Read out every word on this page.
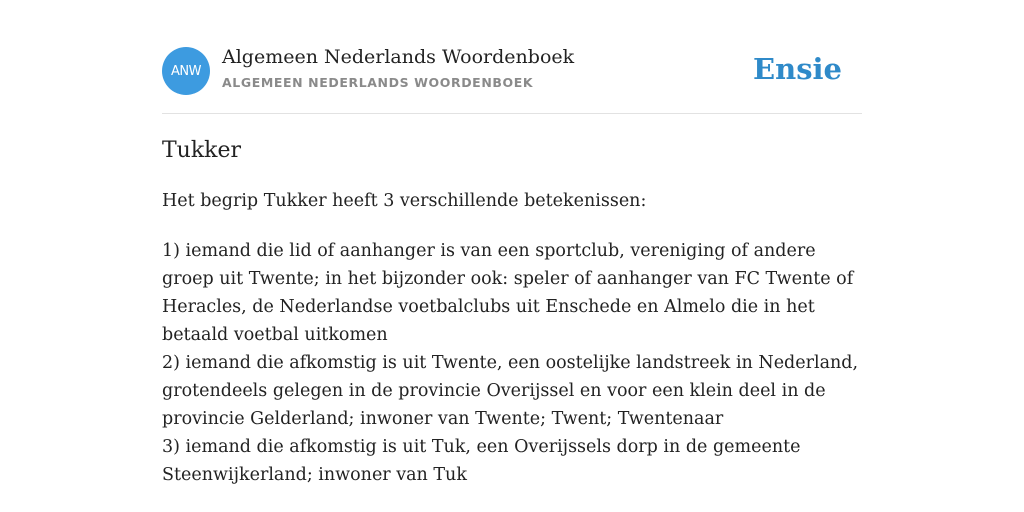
ANW
Algemeen Nederlands Woordenboek
ALGEMEEN NEDERLANDS WOORDENBOEK	Ensie
Tukker
Het begrip Tukker heeft 3 verschillende betekenissen:
1) iemand die lid of aanhanger is van een sportclub, vereniging of andere groep uit Twente; in het bijzonder ook: speler of aanhanger van FC Twente of Heracles, de Nederlandse voetbalclubs uit Enschede en Almelo die in het betaald voetbal uitkomen
2) iemand die afkomstig is uit Twente, een oostelijke landstreek in Nederland, grotendeels gelegen in de provincie Overijssel en voor een klein deel in de provincie Gelderland; inwoner van Twente; Twent; Twentenaar
3) iemand die afkomstig is uit Tuk, een Overijssels dorp in de gemeente Steenwijkerland; inwoner van Tuk
